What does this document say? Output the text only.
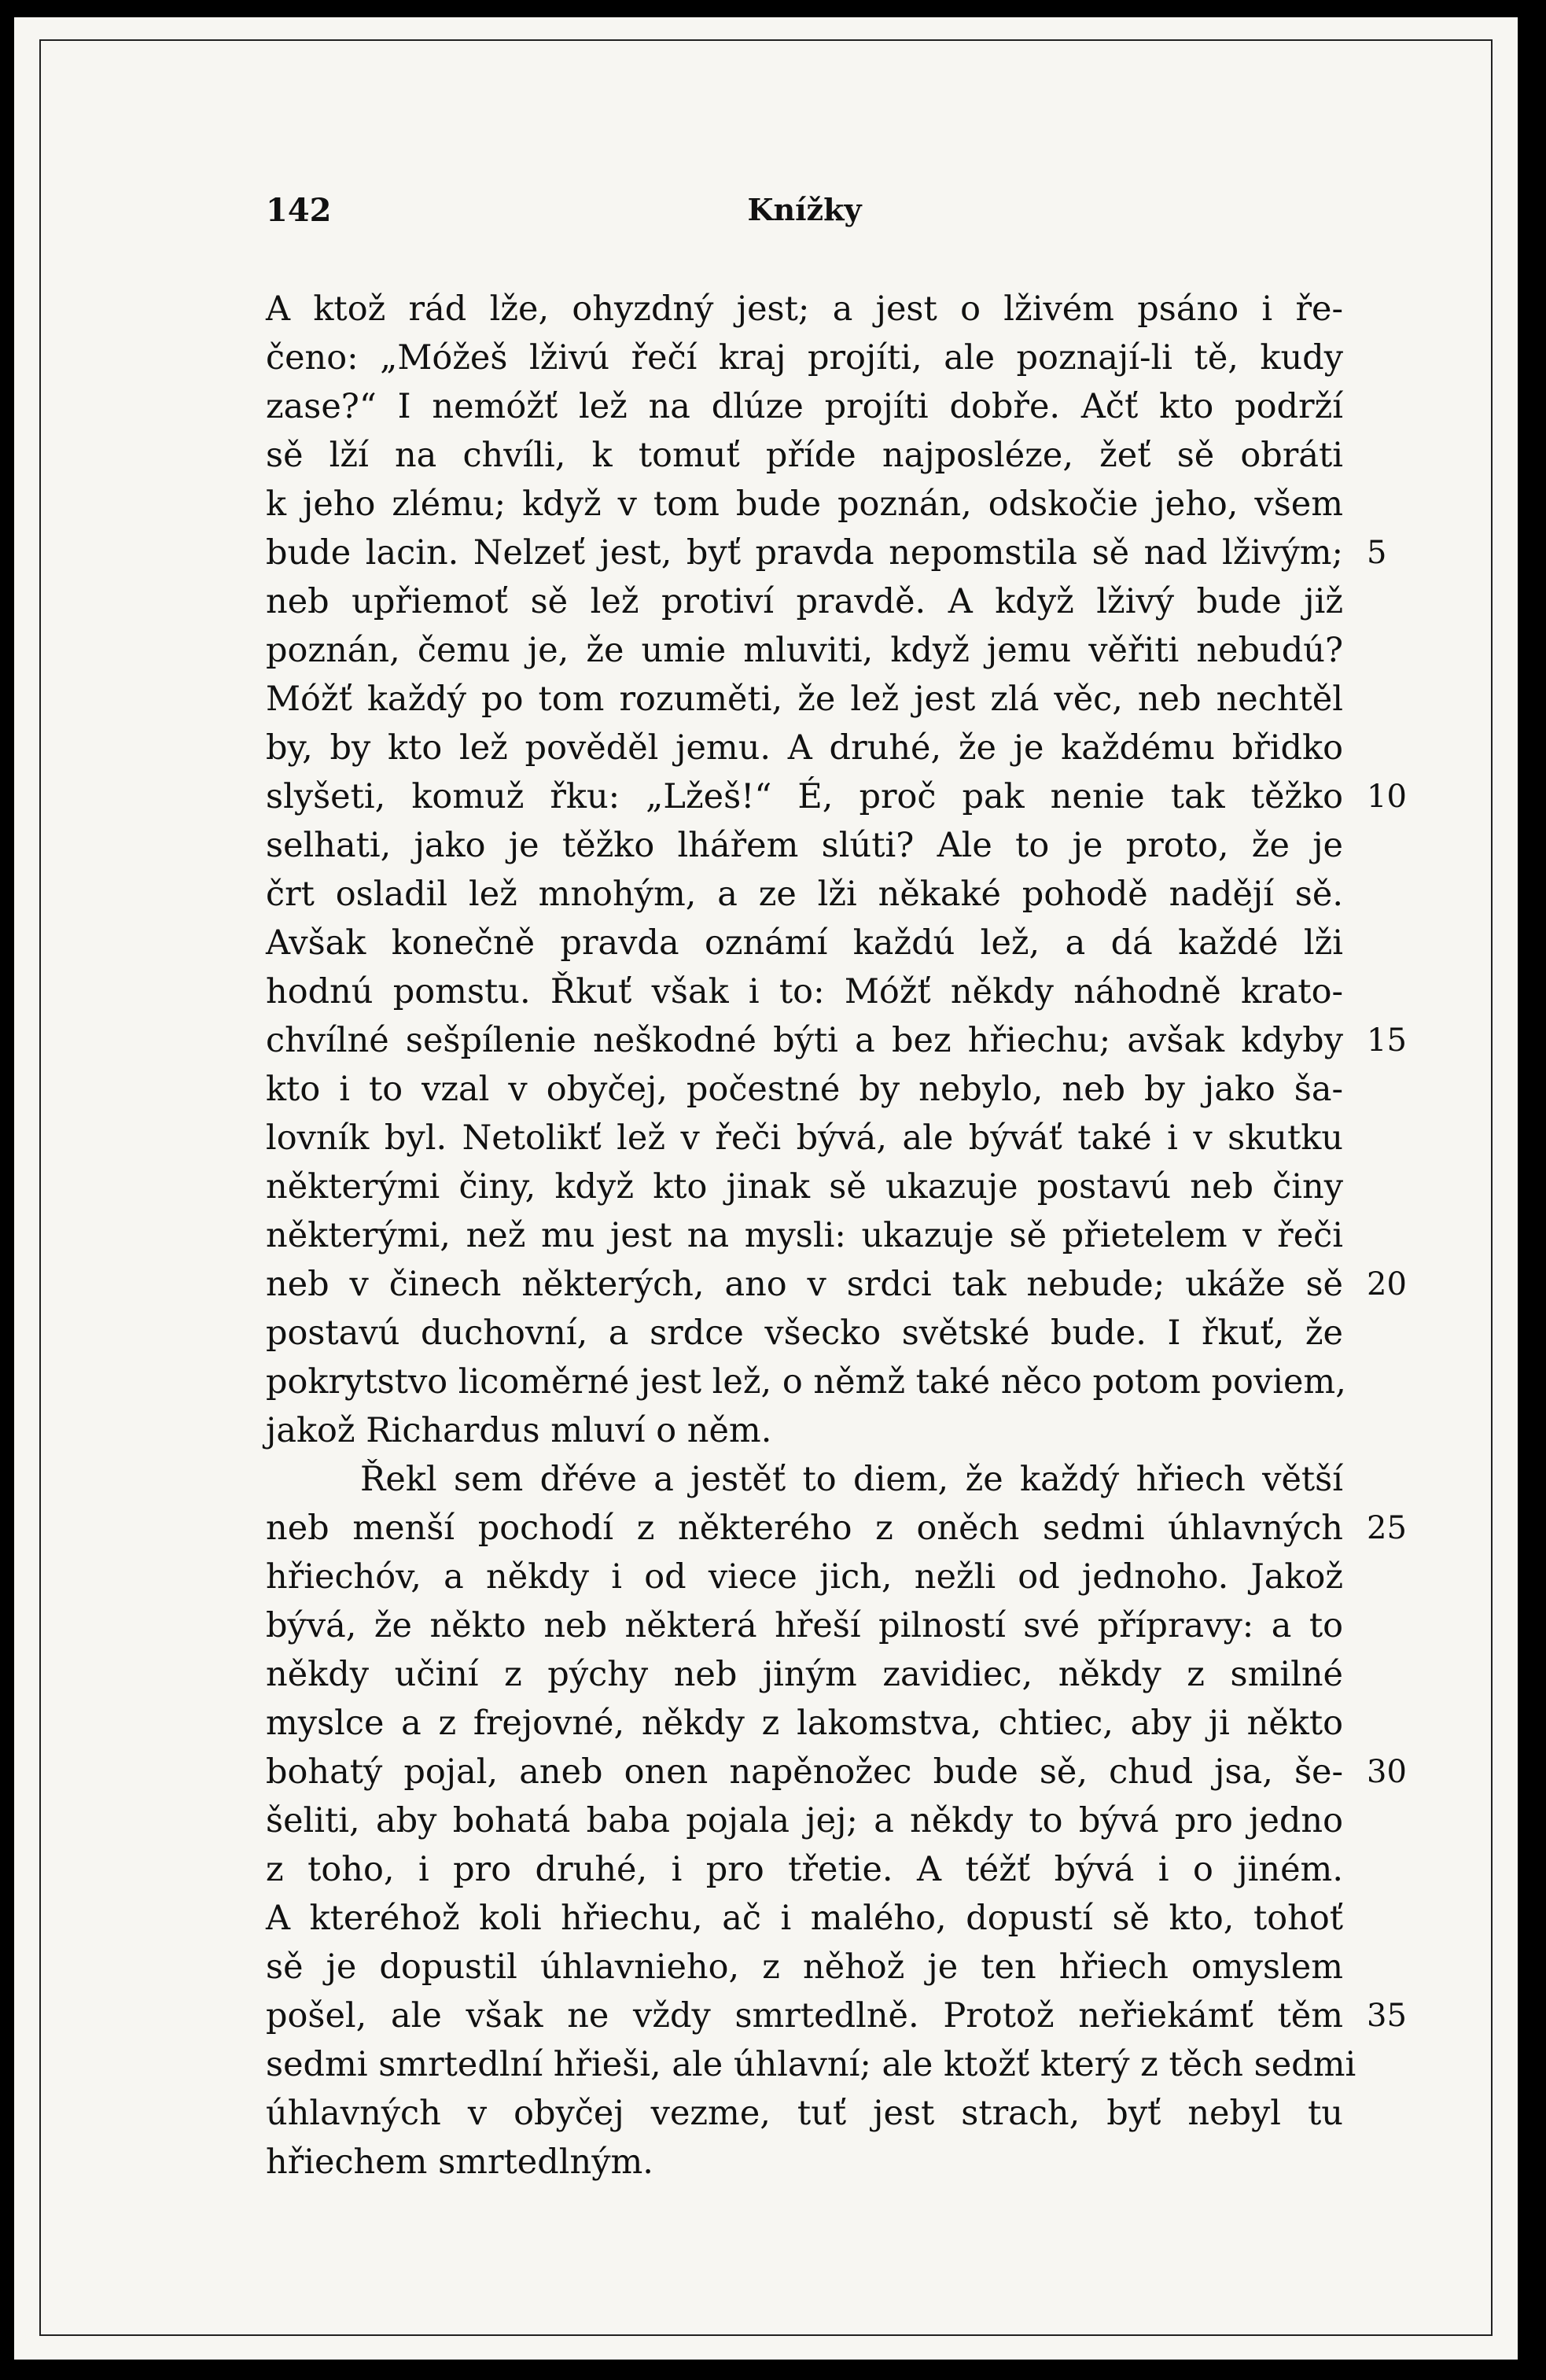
142	Knížky
A ktož rád lže, ohyzdný jest; a jest o lživém psáno i ře-
čeno: „Móžeš lživú řečí kraj projíti, ale poznají-li tě, kudy
zase?“ I nemóžť lež na dlúze projíti dobře. Ačť kto podrží
sě lží na chvíli, k tomuť příde najposléze, žeť sě obráti
k jeho zlému; když v tom bude poznán, odskočie jeho, všem
bude lacin. Nelzeť jest, byť pravda nepomstila sě nad lživým; 5
neb upřiemoť sě lež protiví pravdě. A když lživý bude již
poznán, čemu je, že umie mluviti, když jemu věřiti nebudú?
Móžť každý po tom rozuměti, že lež jest zlá věc, neb nechtěl
by, by kto lež pověděl jemu. A druhé, že je každému břidko
slyšeti, komuž řku: „Lžeš!“ É, proč pak nenie tak těžko 10
selhati, jako je těžko lhářem slúti? Ale to je proto, že je
črt osladil lež mnohým, a ze lži někaké pohodě nadějí sě.
Avšak konečně pravda oznámí každú lež, a dá každé lži
hodnú pomstu. Řkuť však i to: Móžť někdy náhodně krato-
chvílné sešpílenie neškodné býti a bez hřiechu; avšak kdyby 15
kto i to vzal v obyčej, počestné by nebylo, neb by jako ša-
lovník byl. Netolikť lež v řeči bývá, ale býváť také i v skutku
některými činy, když kto jinak sě ukazuje postavú neb činy
některými, než mu jest na mysli: ukazuje sě přietelem v řeči
neb v činech některých, ano v srdci tak nebude; ukáže sě 20
postavú duchovní, a srdce všecko světské bude. I řkuť, že
pokrytstvo licoměrné jest lež, o němž také něco potom poviem,
jakož Richardus mluví o něm.
Řekl sem dřéve a jestěť to diem, že každý hřiech větší
neb menší pochodí z některého z oněch sedmi úhlavných 25
hřiechóv, a někdy i od viece jich, nežli od jednoho. Jakož
bývá, že někto neb některá hřeší pilností své přípravy: a to
někdy učiní z pýchy neb jiným zavidiec, někdy z smilné
myslce a z frejovné, někdy z lakomstva, chtiec, aby ji někto
bohatý pojal, aneb onen napěnožec bude sě, chud jsa, še- 30
šeliti, aby bohatá baba pojala jej; a někdy to bývá pro jedno
z toho, i pro druhé, i pro třetie. A téžť bývá i o jiném.
A kteréhož koli hřiechu, ač i malého, dopustí sě kto, tohoť
sě je dopustil úhlavnieho, z něhož je ten hřiech omyslem
pošel, ale však ne vždy smrtedlně. Protož neřiekámť těm 35
sedmi smrtedlní hřieši, ale úhlavní; ale ktožť který z těch sedmi
úhlavných v obyčej vezme, tuť jest strach, byť nebyl tu
hřiechem smrtedlným.
